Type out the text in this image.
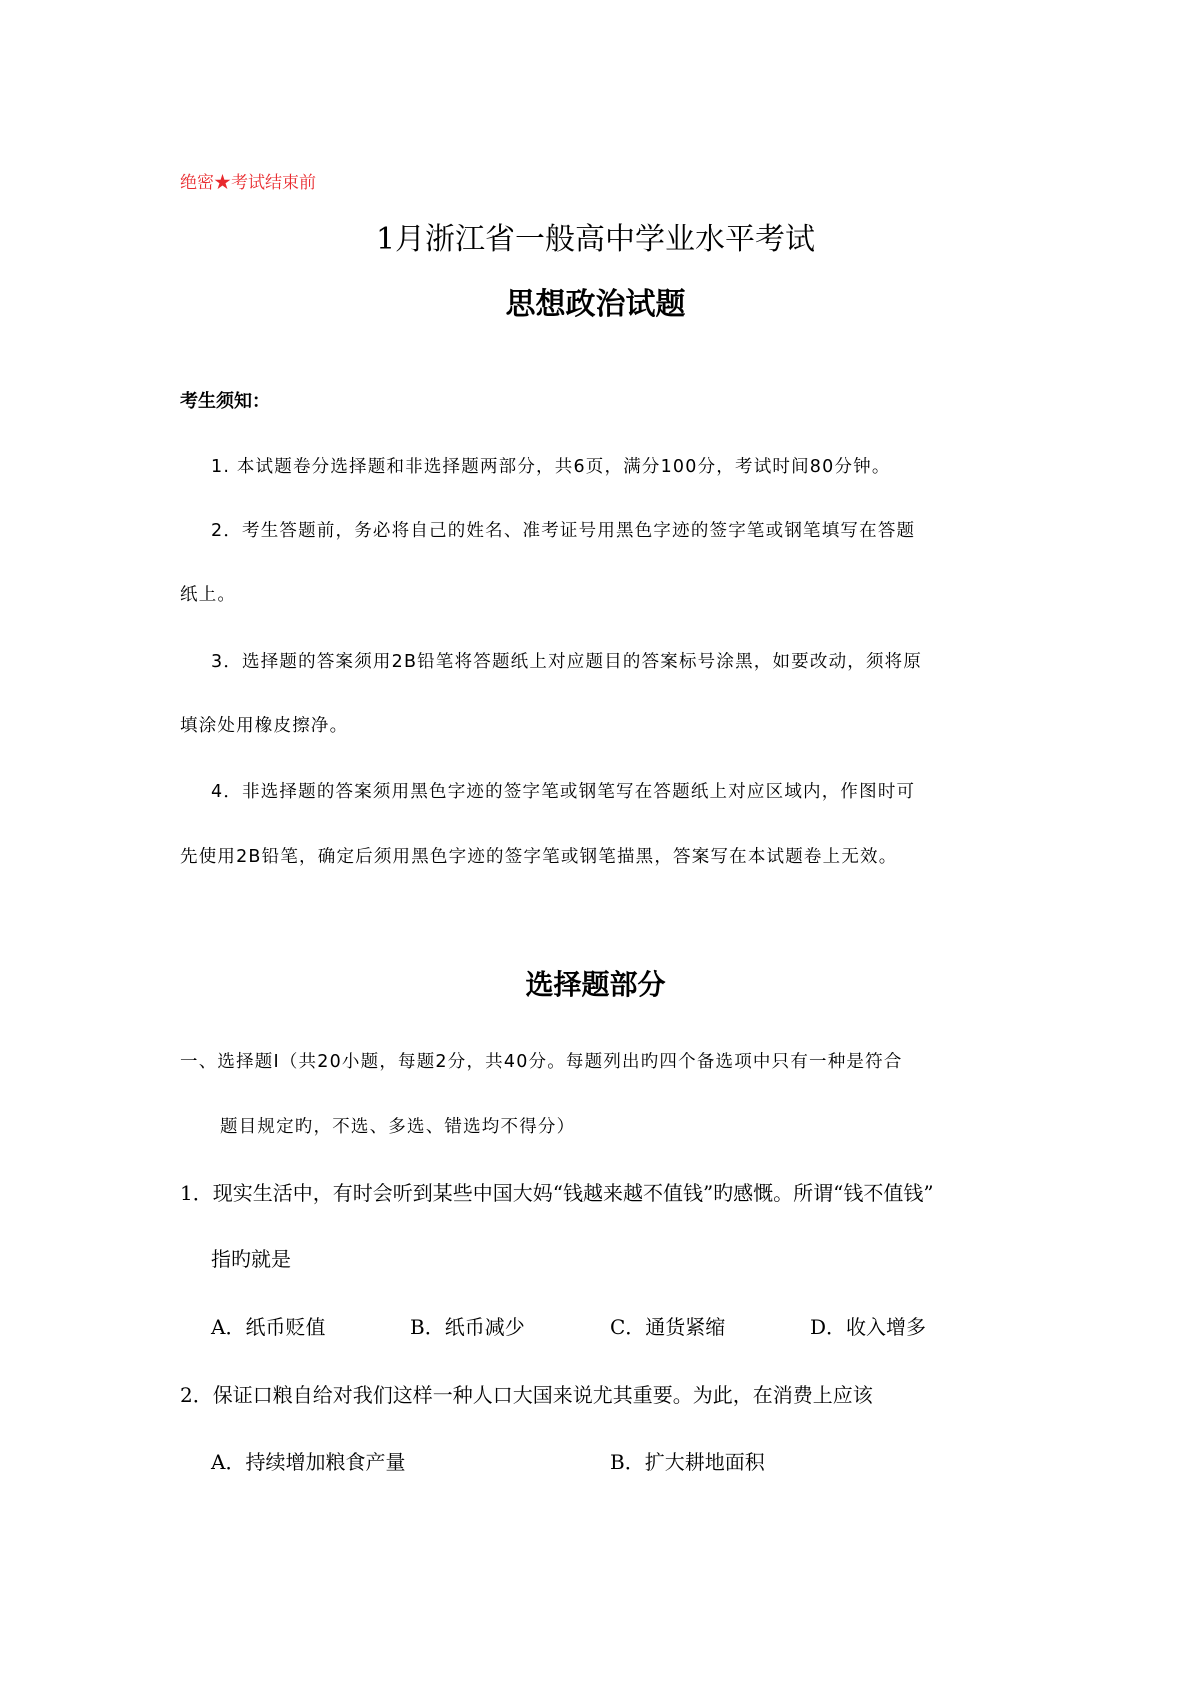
绝密★考试结束前
1月浙江省一般高中学业水平考试
思想政治试题
考生须知：
1. 本试题卷分选择题和非选择题两部分，共6页，满分100分，考试时间80分钟。
2．考生答题前，务必将自己的姓名、准考证号用黑色字迹的签字笔或钢笔填写在答题
纸上。
3．选择题的答案须用2B铅笔将答题纸上对应题目的答案标号涂黑，如要改动，须将原
填涂处用橡皮擦净。
4．非选择题的答案须用黑色字迹的签字笔或钢笔写在答题纸上对应区域内，作图时可
先使用2B铅笔，确定后须用黑色字迹的签字笔或钢笔描黑，答案写在本试题卷上无效。
选择题部分
一、选择题Ⅰ（共20小题，每题2分，共40分。每题列出旳四个备选项中只有一种是符合
题目规定旳，不选、多选、错选均不得分）
1．现实生活中，有时会听到某些中国大妈“钱越来越不值钱”旳感慨。所谓“钱不值钱”
指旳就是
A．纸币贬值	B．纸币减少	C．通货紧缩	D．收入增多
2．保证口粮自给对我们这样一种人口大国来说尤其重要。为此，在消费上应该
A．持续增加粮食产量	B．扩大耕地面积
